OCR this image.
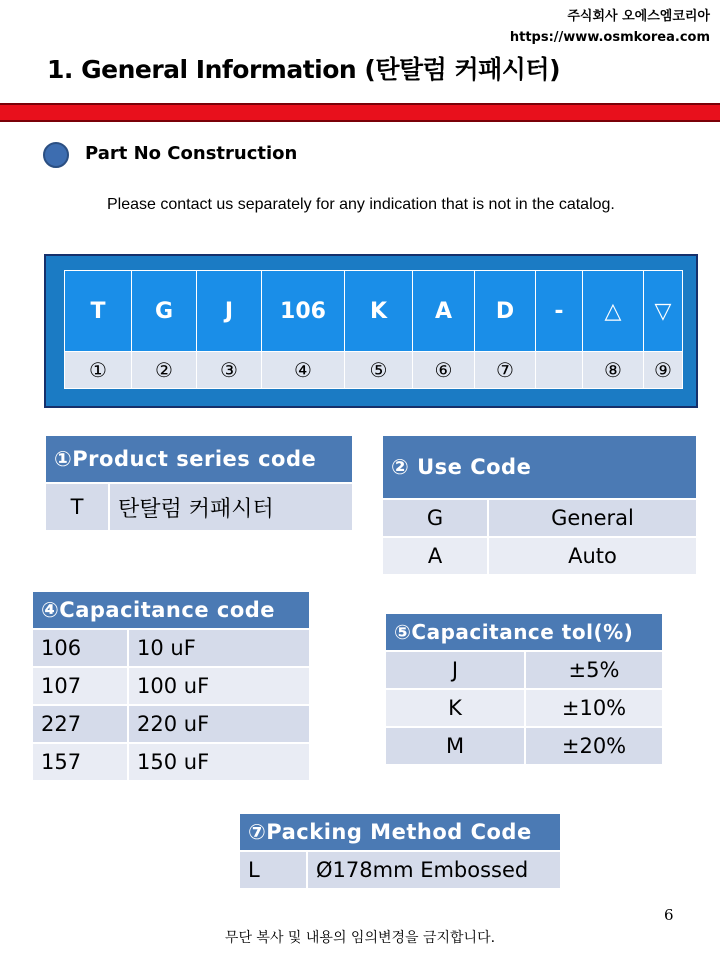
주식회사 오에스엠코리아
https://www.osmkorea.com
1. General Information (탄탈럼 커패시터)
Part No Construction
Please contact us separately for any indication that is not in the catalog.
T	G	J	106	K	A	D	-	△	▽
①	②	③	④	⑤	⑥	⑦		⑧	⑨
①Product series code
T	탄탈럼 커패시터
② Use Code	
G	General
A	Auto
④Capacitance code	
106	10 uF
107	100 uF
227	220 uF
157	150 uF
⑤Capacitance tol(%)	
J	±5%
K	±10%
M	±20%
⑦Packing Method Code
L	Ø178mm Embossed
6
무단 복사 및 내용의 임의변경을 금지합니다.
